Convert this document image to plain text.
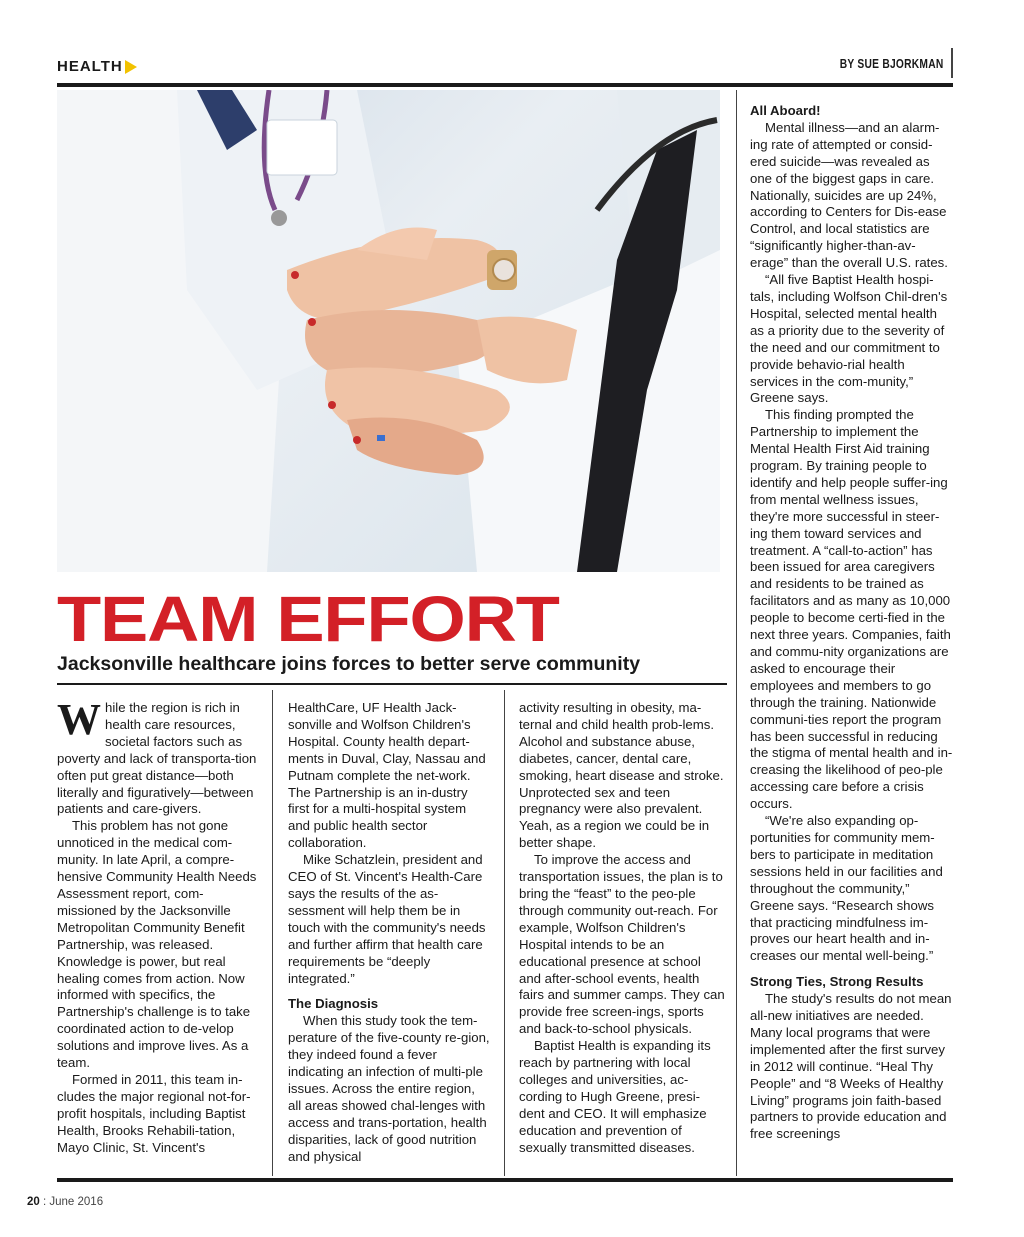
HEALTH	BY SUE BJORKMAN
TEAM EFFORT
Jacksonville healthcare joins forces to better serve community

While the region is rich in health care resources, societal factors such as poverty and lack of transporta-tion often put great distance—both literally and figuratively—between patients and care-givers.

This problem has not gone unnoticed in the medical com-munity. In late April, a compre-hensive Community Health Needs Assessment report, com-missioned by the Jacksonville Metropolitan Community Benefit Partnership, was released. Knowledge is power, but real healing comes from action. Now informed with specifics, the Partnership's challenge is to take coordinated action to de-velop solutions and improve lives. As a team.

Formed in 2011, this team in-cludes the major regional not-for-profit hospitals, including Baptist Health, Brooks Rehabili-tation, Mayo Clinic, St. Vincent's

HealthCare, UF Health Jack-sonville and Wolfson Children's Hospital. County health depart-ments in Duval, Clay, Nassau and Putnam complete the net-work. The Partnership is an in-dustry first for a multi-hospital system and public health sector collaboration.

Mike Schatzlein, president and CEO of St. Vincent's Health-Care says the results of the as-sessment will help them be in touch with the community's needs and further affirm that health care requirements be “deeply integrated.”

The Diagnosis

When this study took the tem-perature of the five-county re-gion, they indeed found a fever indicating an infection of multi-ple issues. Across the entire region, all areas showed chal-lenges with access and trans-portation, health disparities, lack of good nutrition and physical

activity resulting in obesity, ma-ternal and child health prob-lems. Alcohol and substance abuse, diabetes, cancer, dental care, smoking, heart disease and stroke. Unprotected sex and teen pregnancy were also prevalent. Yeah, as a region we could be in better shape.

To improve the access and transportation issues, the plan is to bring the “feast” to the peo-ple through community out-reach. For example, Wolfson Children's Hospital intends to be an educational presence at school and after-school events, health fairs and summer camps. They can provide free screen-ings, sports and back-to-school physicals.

Baptist Health is expanding its reach by partnering with local colleges and universities, ac-cording to Hugh Greene, presi-dent and CEO. It will emphasize education and prevention of sexually transmitted diseases.

All Aboard!

Mental illness—and an alarm-ing rate of attempted or consid-ered suicide—was revealed as one of the biggest gaps in care. Nationally, suicides are up 24%, according to Centers for Dis-ease Control, and local statistics are “significantly higher-than-av-erage” than the overall U.S. rates.

“All five Baptist Health hospi-tals, including Wolfson Chil-dren's Hospital, selected mental health as a priority due to the severity of the need and our commitment to provide behavio-rial health services in the com-munity,” Greene says.

This finding prompted the Partnership to implement the Mental Health First Aid training program. By training people to identify and help people suffer-ing from mental wellness issues, they're more successful in steer-ing them toward services and treatment. A “call-to-action” has been issued for area caregivers and residents to be trained as facilitators and as many as 10,000 people to become certi-fied in the next three years. Companies, faith and commu-nity organizations are asked to encourage their employees and members to go through the training. Nationwide communi-ties report the program has been successful in reducing the stigma of mental health and in-creasing the likelihood of peo-ple accessing care before a crisis occurs.

“We're also expanding op-portunities for community mem-bers to participate in meditation sessions held in our facilities and throughout the community,” Greene says. “Research shows that practicing mindfulness im-proves our heart health and in-creases our mental well-being.”

Strong Ties, Strong Results

The study's results do not mean all-new initiatives are needed. Many local programs that were implemented after the first survey in 2012 will continue. “Heal Thy People” and “8 Weeks of Healthy Living” programs join faith-based partners to provide education and free screenings

20 : June 2016
